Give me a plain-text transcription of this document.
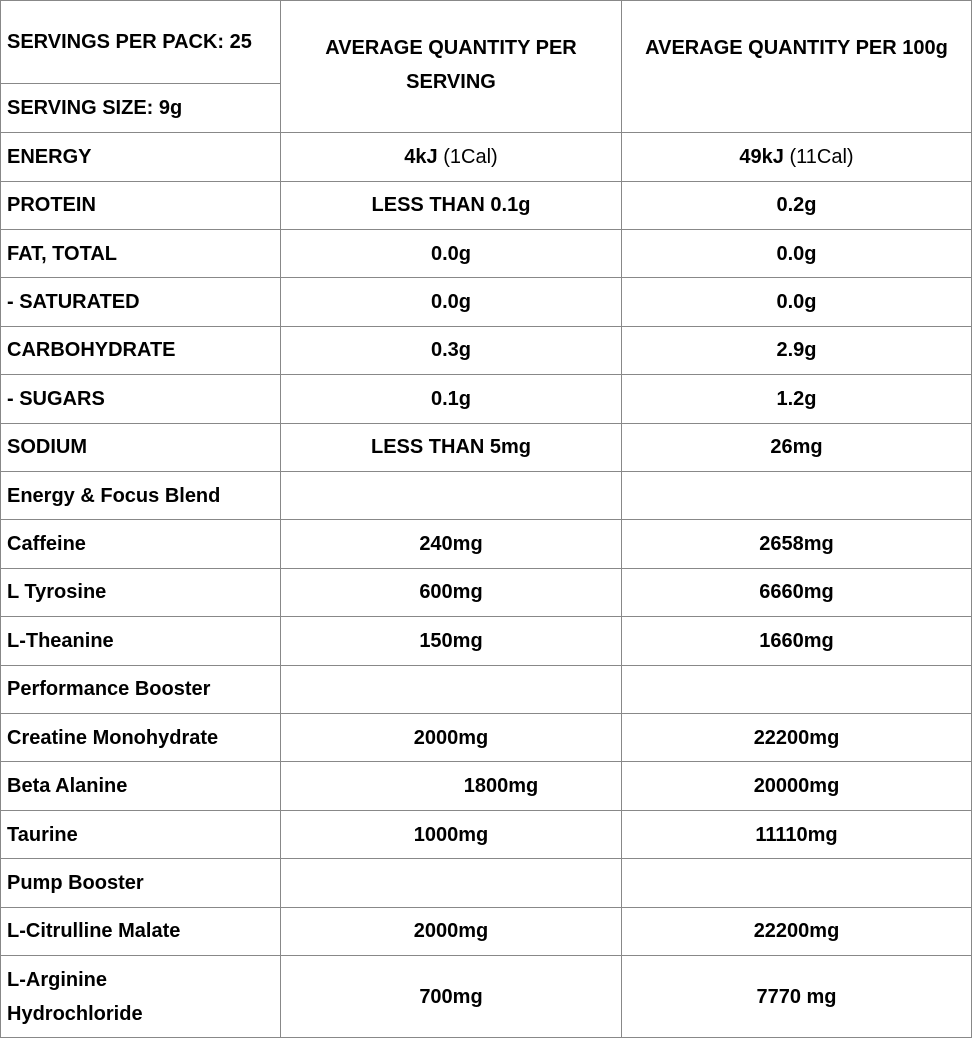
SERVINGS PER PACK: 25	AVERAGE QUANTITY PER SERVING	AVERAGE QUANTITY PER 100g
SERVING SIZE: 9g		
ENERGY	4kJ (1Cal)	49kJ (11Cal)
PROTEIN	LESS THAN 0.1g	0.2g
FAT, TOTAL	0.0g	0.0g
- SATURATED	0.0g	0.0g
CARBOHYDRATE	0.3g	2.9g
- SUGARS	0.1g	1.2g
SODIUM	LESS THAN 5mg	26mg
Energy & Focus Blend		
Caffeine	240mg	2658mg
L Tyrosine	600mg	6660mg
L-Theanine	150mg	1660mg
Performance Booster		
Creatine Monohydrate	2000mg	22200mg
Beta Alanine	1800mg	20000mg
Taurine	1000mg	11110mg
Pump Booster		
L-Citrulline Malate	2000mg	22200mg
L-Arginine Hydrochloride	700mg	7770 mg
